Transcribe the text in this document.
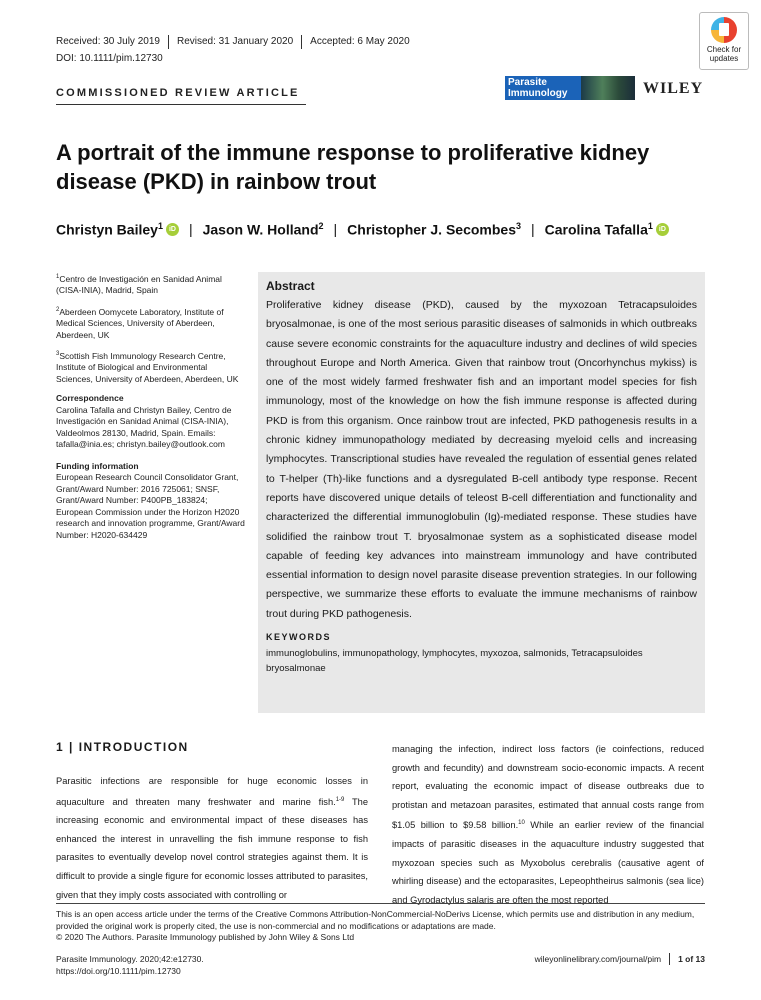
Received: 30 July 2019	Revised: 31 January 2020	Accepted: 6 May 2020
DOI: 10.1111/pim.12730
Check for updates
COMMISSIONED REVIEW ARTICLE
Parasite Immunology	WILEY
A portrait of the immune response to proliferative kidney disease (PKD) in rainbow trout
Christyn Bailey$^1$ iD | Jason W. Holland$^2$ | Christopher J. Secombes$^3$ | Carolina Tafalla$^1$ iD
$^1$Centro de Investigación en Sanidad Animal (CISA-INIA), Madrid, Spain
$^2$Aberdeen Oomycete Laboratory, Institute of Medical Sciences, University of Aberdeen, Aberdeen, UK
$^3$Scottish Fish Immunology Research Centre, Institute of Biological and Environmental Sciences, University of Aberdeen, Aberdeen, UK
Correspondence
Carolina Tafalla and Christyn Bailey, Centro de Investigación en Sanidad Animal (CISA-INIA), Valdeolmos 28130, Madrid, Spain. Emails: tafalla@inia.es; christyn.bailey@outlook.com
Funding information
European Research Council Consolidator Grant, Grant/Award Number: 2016 725061; SNSF, Grant/Award Number: P400PB_183824; European Commission under the Horizon H2020 research and innovation programme, Grant/Award Number: H2020-634429
Abstract
Proliferative kidney disease (PKD), caused by the myxozoan Tetracapsuloides bryosalmonae, is one of the most serious parasitic diseases of salmonids in which outbreaks cause severe economic constraints for the aquaculture industry and declines of wild species throughout Europe and North America. Given that rainbow trout (Oncorhynchus mykiss) is one of the most widely farmed freshwater fish and an important model species for fish immunology, most of the knowledge on how the fish immune response is affected during PKD is from this organism. Once rainbow trout are infected, PKD pathogenesis results in a chronic kidney immunopathology mediated by decreasing myeloid cells and increasing lymphocytes. Transcriptional studies have revealed the regulation of essential genes related to T-helper (Th)-like functions and a dysregulated B-cell antibody type response. Recent reports have discovered unique details of teleost B-cell differentiation and functionality and characterized the differential immunoglobulin (Ig)-mediated response. These studies have solidified the rainbow trout T. bryosalmonae system as a sophisticated disease model capable of feeding key advances into mainstream immunology and have contributed essential information to design novel parasite disease prevention strategies. In our following perspective, we summarize these efforts to evaluate the immune mechanisms of rainbow trout during PKD pathogenesis.
KEYWORDS
immunoglobulins, immunopathology, lymphocytes, myxozoa, salmonids, Tetracapsuloides bryosalmonae
1 | INTRODUCTION
Parasitic infections are responsible for huge economic losses in aquaculture and threaten many freshwater and marine fish.$^{1-9}$ The increasing economic and environmental impact of these diseases has enhanced the interest in unravelling the fish immune response to fish parasites to eventually develop novel control strategies against them. It is difficult to provide a single figure for economic losses attributed to parasites, given that they imply costs associated with controlling or
managing the infection, indirect loss factors (ie coinfections, reduced growth and fecundity) and downstream socio-economic impacts. A recent report, evaluating the economic impact of disease outbreaks due to protistan and metazoan parasites, estimated that annual costs range from $1.05 billion to $9.58 billion.$^{10}$ While an earlier review of the financial impacts of parasitic diseases in the aquaculture industry suggested that myxozoan species such as Myxobolus cerebralis (causative agent of whirling disease) and the ectoparasites, Lepeophtheirus salmonis (sea lice) and Gyrodactylus salaris are often the most reported
This is an open access article under the terms of the Creative Commons Attribution-NonCommercial-NoDerivs License, which permits use and distribution in any medium, provided the original work is properly cited, the use is non-commercial and no modifications or adaptations are made.
© 2020 The Authors. Parasite Immunology published by John Wiley & Sons Ltd
Parasite Immunology. 2020;42:e12730.
https://doi.org/10.1111/pim.12730
wileyonlinelibrary.com/journal/pim	1 of 13
